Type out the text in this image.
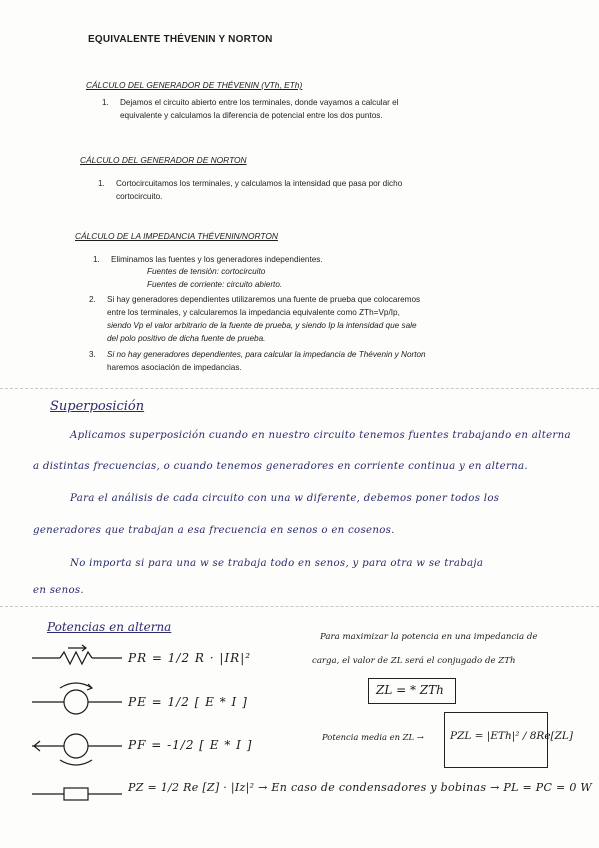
EQUIVALENTE THÉVENIN Y NORTON
CÁLCULO DEL GENERADOR DE THÉVENIN (VTh, ETh)
1. Dejamos el circuito abierto entre los terminales, donde vayamos a calcular el
equivalente y calculamos la diferencia de potencial entre los dos puntos.
CÁLCULO DEL GENERADOR DE NORTON
1. Cortocircuitamos los terminales, y calculamos la intensidad que pasa por dicho
cortocircuito.
CÁLCULO DE LA IMPEDANCIA THÉVENIN/NORTON
1. Eliminamos las fuentes y los generadores independientes.
Fuentes de tensión: cortocircuito
Fuentes de corriente: circuito abierto.
2. Si hay generadores dependientes utilizaremos una fuente de prueba que colocaremos
entre los terminales, y calcularemos la impedancia equivalente como ZTh=Vp/Ip,
siendo Vp el valor arbitrario de la fuente de prueba, y siendo Ip la intensidad que sale
del polo positivo de dicha fuente de prueba.
3. Si no hay generadores dependientes, para calcular la impedancia de Thévenin y Norton
haremos asociación de impedancias.
Superposición
Aplicamos superposición cuando en nuestro circuito tenemos fuentes trabajando en alterna
a distintas frecuencias, o cuando tenemos generadores en corriente continua y en alterna.
Para el análisis de cada circuito con una w diferente, debemos poner todos los
generadores que trabajan a esa frecuencia en senos o en cosenos.
No importa si para una w se trabaja todo en senos, y para otra w se trabaja
en senos.
Potencias en alterna
PR = 1/2 R · |IR|²
PE = 1/2 [ E * I ]
PF = -1/2 [ E * I ]
PZ = 1/2 Re [Z] · |Iz|² → En caso de condensadores y bobinas → PL = PC = 0 W
Para maximizar la potencia en una impedancia de
carga, el valor de ZL será el conjugado de ZTh
ZL = * ZTh
Potencia media en ZL →	PZL = |ETh|² / 8Re[ZL]
